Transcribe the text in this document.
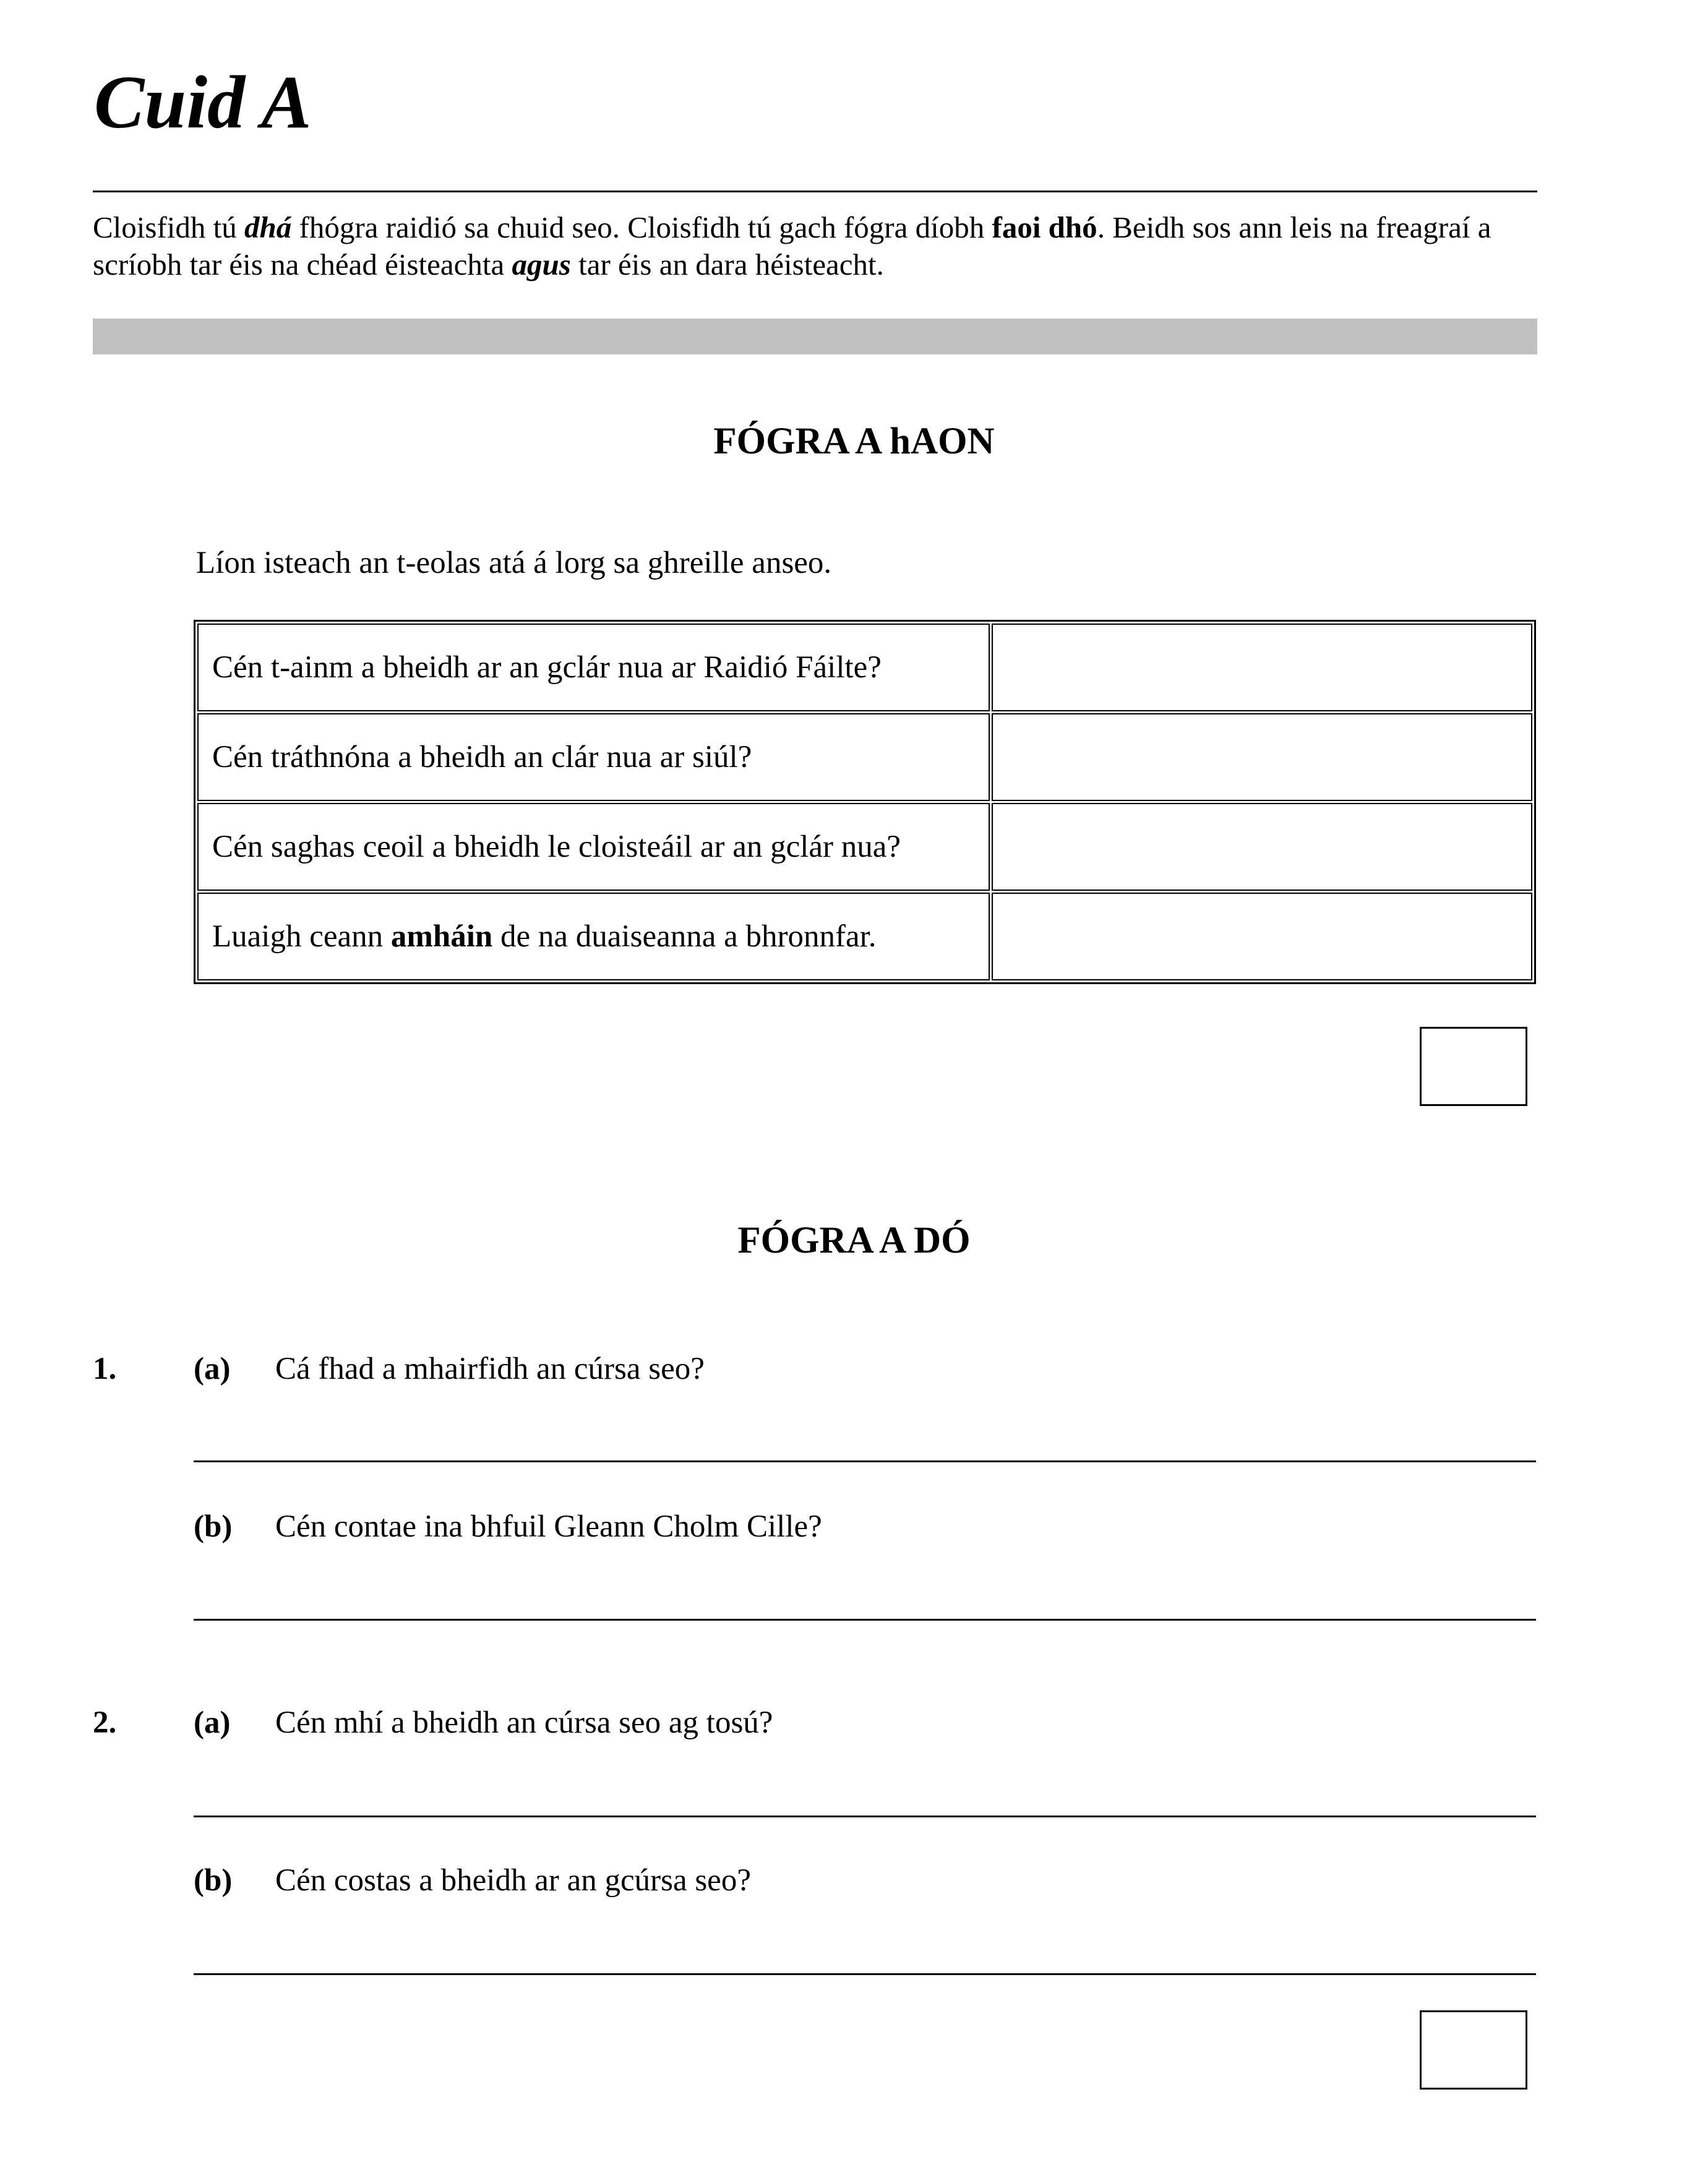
Cuid A

Cloisfidh tú dhá fhógra raidió sa chuid seo. Cloisfidh tú gach fógra díobh faoi dhó. Beidh sos ann leis na freagraí a scríobh tar éis na chéad éisteachta agus tar éis an dara héisteacht.

FÓGRA A hAON

Líon isteach an t-eolas atá á lorg sa ghreille anseo.

Cén t-ainm a bheidh ar an gclár nua ar Raidió Fáilte?	
Cén tráthnóna a bheidh an clár nua ar siúl?	
Cén saghas ceoil a bheidh le cloisteáil ar an gclár nua?	
Luaigh ceann amháin de na duaiseanna a bhronnfar.	
FÓGRA A DÓ
1. (a) Cá fhad a mhairfidh an cúrsa seo?
(b) Cén contae ina bhfuil Gleann Cholm Cille?
2. (a) Cén mhí a bheidh an cúrsa seo ag tosú?
(b) Cén costas a bheidh ar an gcúrsa seo?
